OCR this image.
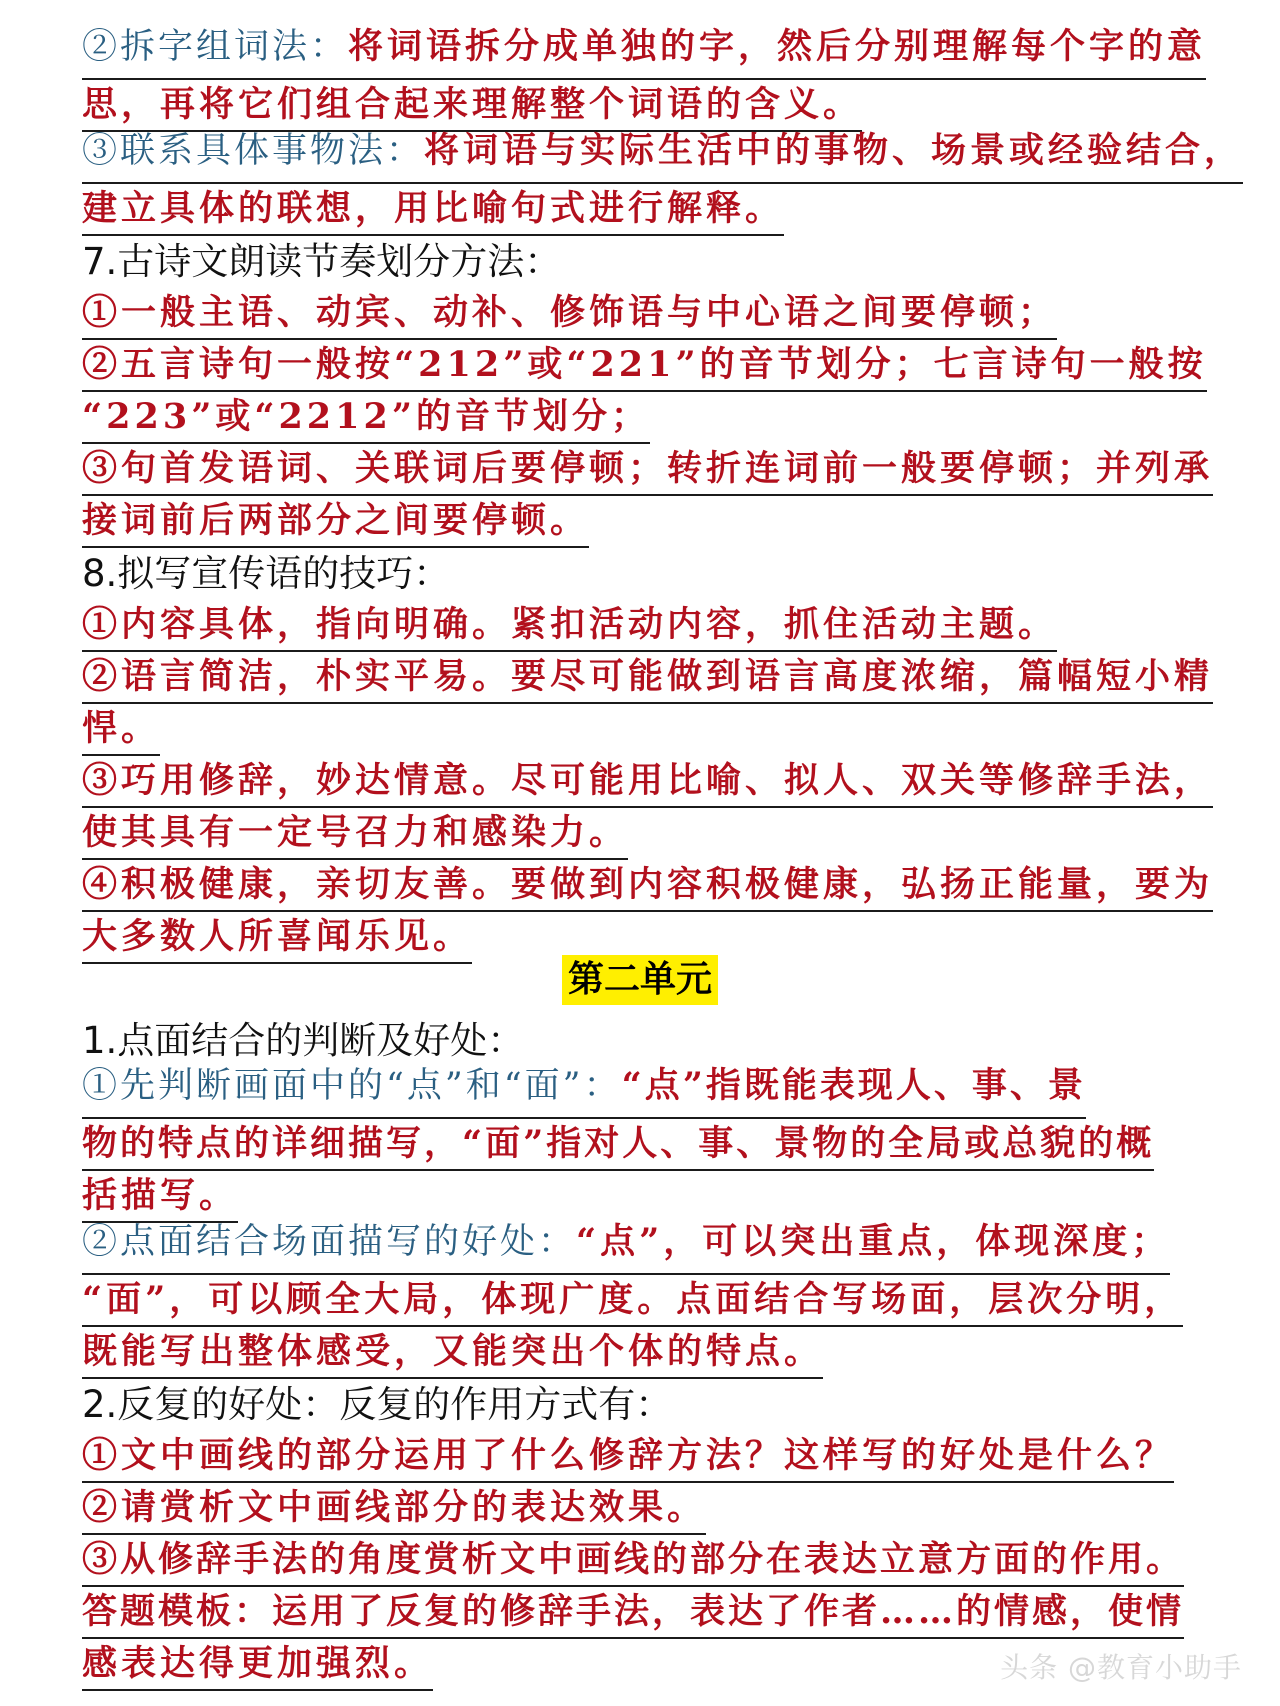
②拆字组词法：将词语拆分成单独的字，然后分别理解每个字的意
思，再将它们组合起来理解整个词语的含义。
③联系具体事物法：将词语与实际生活中的事物、场景或经验结合，
建立具体的联想，用比喻句式进行解释。
7.古诗文朗读节奏划分方法：
①一般主语、动宾、动补、修饰语与中心语之间要停顿；
②五言诗句一般按“212”或“221”的音节划分；七言诗句一般按
“223”或“2212”的音节划分；
③句首发语词、关联词后要停顿；转折连词前一般要停顿；并列承
接词前后两部分之间要停顿。
8.拟写宣传语的技巧：
①内容具体，指向明确。紧扣活动内容，抓住活动主题。
②语言简洁，朴实平易。要尽可能做到语言高度浓缩，篇幅短小精
悍。
③巧用修辞，妙达情意。尽可能用比喻、拟人、双关等修辞手法，
使其具有一定号召力和感染力。
④积极健康，亲切友善。要做到内容积极健康，弘扬正能量，要为
大多数人所喜闻乐见。
第二单元
1.点面结合的判断及好处：
①先判断画面中的“点”和“面”：“点”指既能表现人、事、景
物的特点的详细描写，“面”指对人、事、景物的全局或总貌的概
括描写。
②点面结合场面描写的好处：“点”，可以突出重点，体现深度；
“面”，可以顾全大局，体现广度。点面结合写场面，层次分明，
既能写出整体感受，又能突出个体的特点。
2.反复的好处：反复的作用方式有：
①文中画线的部分运用了什么修辞方法？这样写的好处是什么？
②请赏析文中画线部分的表达效果。
③从修辞手法的角度赏析文中画线的部分在表达立意方面的作用。
答题模板：运用了反复的修辞手法，表达了作者……的情感，使情
感表达得更加强烈。	头条 @教育小助手
